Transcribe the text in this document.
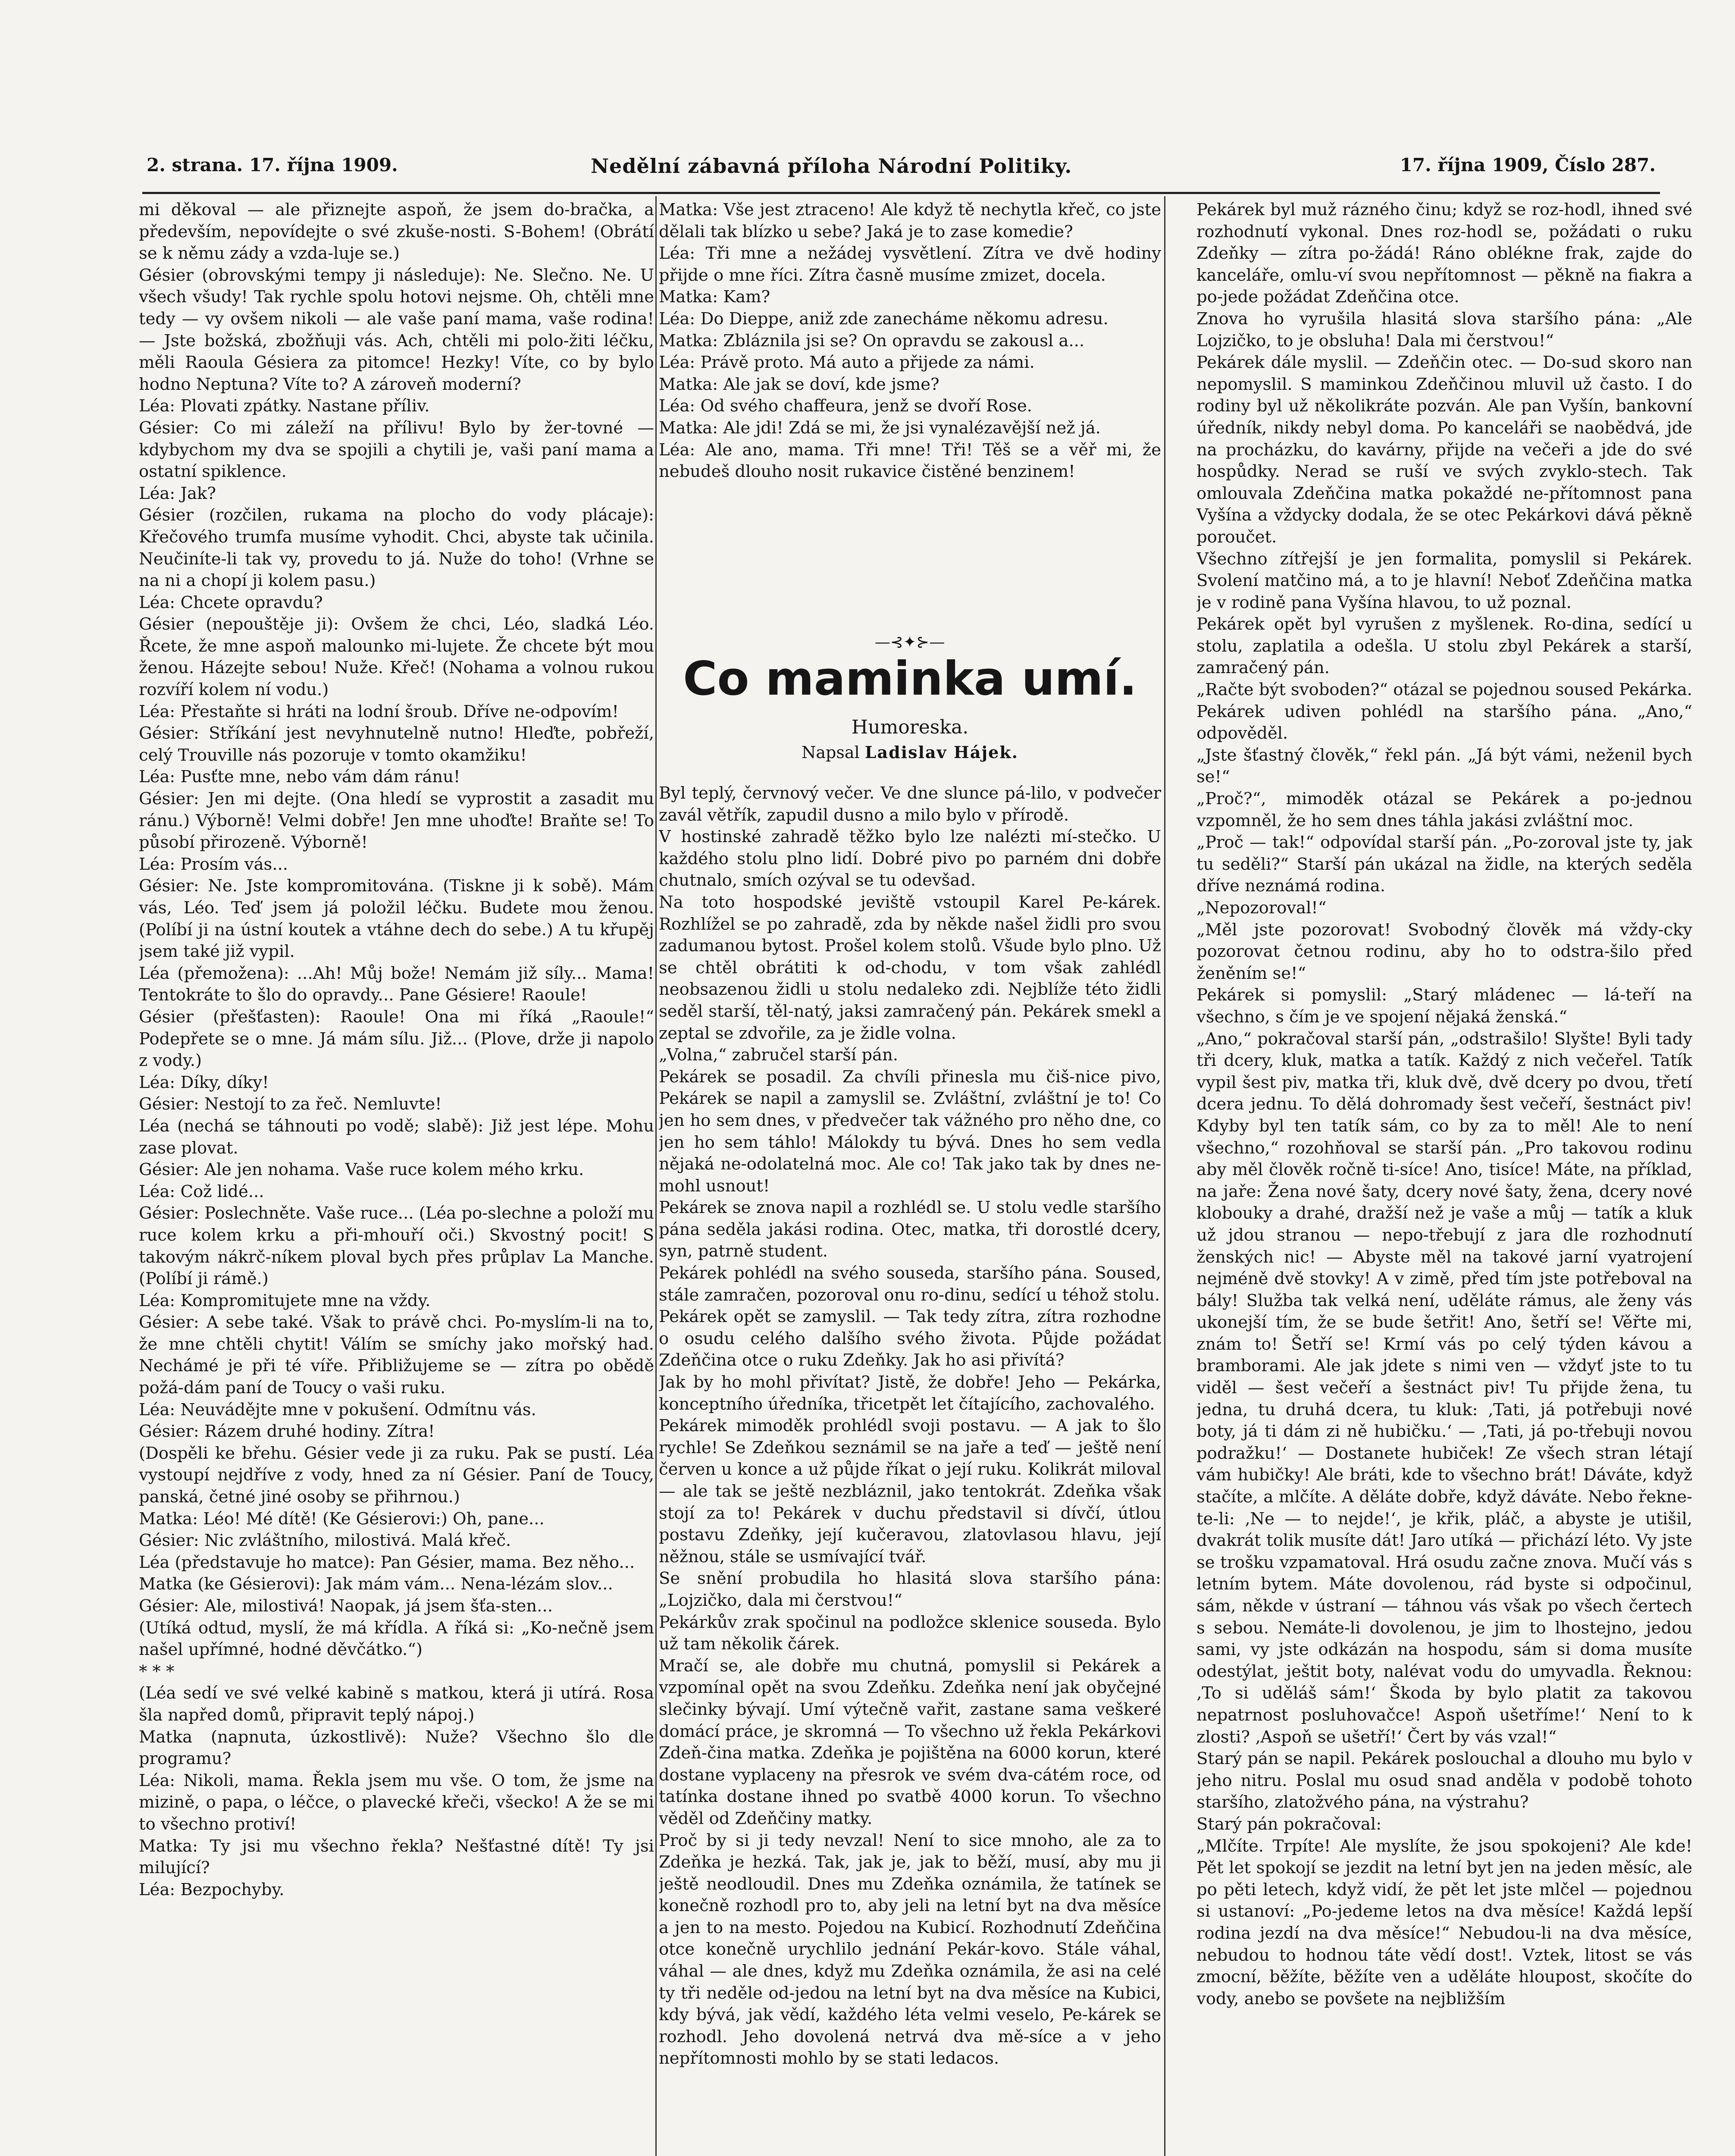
2. strana. 17. října 1909.	Nedělní zábavná příloha Národní Politiky.	17. října 1909, Číslo 287.

mi děkoval — ale přiznejte aspoň, že jsem do-bračka, a především, nepovídejte o své zkuše-nosti. S-Bohem! (Obrátí se k němu zády a vzda-luje se.)
Gésier (obrovskými tempy ji následuje): Ne. Slečno. Ne. U všech všudy! Tak rychle spolu hotovi nejsme. Oh, chtěli mne tedy — vy ovšem nikoli — ale vaše paní mama, vaše rodina! — Jste božská, zbožňuji vás. Ach, chtěli mi polo-žiti léčku, měli Raoula Gésiera za pitomce! Hezky! Víte, co by bylo hodno Neptuna? Víte to? A zároveň moderní?
Léa: Plovati zpátky. Nastane příliv.
Gésier: Co mi záleží na přílivu! Bylo by žer-tovné — kdybychom my dva se spojili a chytili je, vaši paní mama a ostatní spiklence.
Léa: Jak?
Gésier (rozčilen, rukama na plocho do vody plácaje): Křečového trumfa musíme vyhodit. Chci, abyste tak učinila. Neučiníte-li tak vy, provedu to já. Nuže do toho! (Vrhne se na ni a chopí ji kolem pasu.)
Léa: Chcete opravdu?
Gésier (nepouštěje ji): Ovšem že chci, Léo, sladká Léo. Řcete, že mne aspoň malounko mi-lujete. Že chcete být mou ženou. Házejte sebou! Nuže. Křeč! (Nohama a volnou rukou rozvíří kolem ní vodu.)
Léa: Přestaňte si hráti na lodní šroub. Dříve ne-odpovím!
Gésier: Stříkání jest nevyhnutelně nutno! Hleďte, pobřeží, celý Trouville nás pozoruje v tomto okamžiku!
Léa: Pusťte mne, nebo vám dám ránu!
Gésier: Jen mi dejte. (Ona hledí se vyprostit a zasadit mu ránu.) Výborně! Velmi dobře! Jen mne uhoďte! Braňte se! To působí přirozeně. Výborně!
Léa: Prosím vás...
Gésier: Ne. Jste kompromitována. (Tiskne ji k sobě). Mám vás, Léo. Teď jsem já položil léčku. Budete mou ženou. (Políbí ji na ústní koutek a vtáhne dech do sebe.) A tu křupěj jsem také již vypil.
Léa (přemožena): ...Ah! Můj bože! Nemám již síly... Mama! Tentokráte to šlo do opravdy... Pane Gésiere! Raoule!
Gésier (přešťasten): Raoule! Ona mi říká „Raoule!“ Podepřete se o mne. Já mám sílu. Již... (Plove, drže ji napolo z vody.)
Léa: Díky, díky!
Gésier: Nestojí to za řeč. Nemluvte!
Léa (nechá se táhnouti po vodě; slabě): Již jest lépe. Mohu zase plovat.
Gésier: Ale jen nohama. Vaše ruce kolem mého krku.
Léa: Což lidé...
Gésier: Poslechněte. Vaše ruce... (Léa po-slechne a položí mu ruce kolem krku a při-mhouří oči.) Skvostný pocit! S takovým nákrč-níkem ploval bych přes průplav La Manche. (Políbí ji rámě.)
Léa: Kompromitujete mne na vždy.
Gésier: A sebe také. Však to právě chci. Po-myslím-li na to, že mne chtěli chytit! Válím se smíchy jako mořský had. Nechámé je při té víře. Přibližujeme se — zítra po obědě požá-dám paní de Toucy o vaši ruku.
Léa: Neuvádějte mne v pokušení. Odmítnu vás.
Gésier: Rázem druhé hodiny. Zítra!
(Dospěli ke břehu. Gésier vede ji za ruku. Pak se pustí. Léa vystoupí nejdříve z vody, hned za ní Gésier. Paní de Toucy, panská, četné jiné osoby se přihrnou.)
Matka: Léo! Mé dítě! (Ke Gésierovi:) Oh, pane...
Gésier: Nic zvláštního, milostivá. Malá křeč.
Léa (představuje ho matce): Pan Gésier, mama. Bez něho...
Matka (ke Gésierovi): Jak mám vám... Nena-lézám slov...
Gésier: Ale, milostivá! Naopak, já jsem šťa-sten...
(Utíká odtud, myslí, že má křídla. A říká si: „Ko-nečně jsem našel upřímné, hodné děvčátko.“)
* * *
(Léa sedí ve své velké kabině s matkou, která ji utírá. Rosa šla napřed domů, připravit teplý nápoj.)
Matka (napnuta, úzkostlivě): Nuže? Všechno šlo dle programu?
Léa: Nikoli, mama. Řekla jsem mu vše. O tom, že jsme na mizině, o papa, o léčce, o plavecké křeči, všecko! A že se mi to všechno protiví!
Matka: Ty jsi mu všechno řekla? Nešťastné dítě! Ty jsi milující?
Léa: Bezpochyby.

Matka: Vše jest ztraceno! Ale když tě nechytla křeč, co jste dělali tak blízko u sebe? Jaká je to zase komedie?
Léa: Tři mne a nežádej vysvětlení. Zítra ve dvě hodiny přijde o mne říci. Zítra časně musíme zmizet, docela.
Matka: Kam?
Léa: Do Dieppe, aniž zde zanecháme někomu adresu.
Matka: Zbláznila jsi se? On opravdu se zakousl a...
Léa: Právě proto. Má auto a přijede za námi.
Matka: Ale jak se doví, kde jsme?
Léa: Od svého chaffeura, jenž se dvoří Rose.
Matka: Ale jdi! Zdá se mi, že jsi vynalézavější než já.
Léa: Ale ano, mama. Tři mne! Tři! Těš se a věř mi, že nebudeš dlouho nosit rukavice čistěné benzinem!

—⊰✦⊱—
Co maminka umí.
Humoreska.
Napsal Ladislav Hájek.

Byl teplý, červnový večer. Ve dne slunce pá-lilo, v podvečer zavál větřík, zapudil dusno a milo bylo v přírodě.
V hostinské zahradě těžko bylo lze nalézti mí-stečko. U každého stolu plno lidí. Dobré pivo po parném dni dobře chutnalo, smích ozýval se tu odevšad.
Na toto hospodské jeviště vstoupil Karel Pe-kárek. Rozhlížel se po zahradě, zda by někde našel židli pro svou zadumanou bytost. Prošel kolem stolů. Všude bylo plno. Už se chtěl obrátiti k od-chodu, v tom však zahlédl neobsazenou židli u stolu nedaleko zdi. Nejblíže této židli seděl starší, těl-natý, jaksi zamračený pán. Pekárek smekl a zeptal se zdvořile, za je židle volna.
„Volna,“ zabručel starší pán.
Pekárek se posadil. Za chvíli přinesla mu čiš-nice pivo, Pekárek se napil a zamyslil se. Zvláštní, zvláštní je to! Co jen ho sem dnes, v předvečer tak vážného pro něho dne, co jen ho sem táhlo! Málokdy tu bývá. Dnes ho sem vedla nějaká ne-odolatelná moc. Ale co! Tak jako tak by dnes ne-mohl usnout!
Pekárek se znova napil a rozhlédl se. U stolu vedle staršího pána seděla jakási rodina. Otec, matka, tři dorostlé dcery, syn, patrně student.
Pekárek pohlédl na svého souseda, staršího pána. Soused, stále zamračen, pozoroval onu ro-dinu, sedící u téhož stolu.
Pekárek opět se zamyslil. — Tak tedy zítra, zítra rozhodne o osudu celého dalšího svého života. Půjde požádat Zdeňčina otce o ruku Zdeňky. Jak ho asi přivítá?
Jak by ho mohl přivítat? Jistě, že dobře! Jeho — Pekárka, konceptního úředníka, třicetpět let čítajícího, zachovalého.
Pekárek mimoděk prohlédl svoji postavu. — A jak to šlo rychle! Se Zdeňkou seznámil se na jaře a teď — ještě není červen u konce a už půjde říkat o její ruku. Kolikrát miloval — ale tak se ještě nezbláznil, jako tentokrát. Zdeňka však stojí za to! Pekárek v duchu představil si dívčí, útlou postavu Zdeňky, její kučeravou, zlatovlasou hlavu, její něžnou, stále se usmívající tvář.
Se snění probudila ho hlasitá slova staršího pána: „Lojzičko, dala mi čerstvou!“
Pekárkův zrak spočinul na podložce sklenice souseda. Bylo už tam několik čárek.
Mračí se, ale dobře mu chutná, pomyslil si Pekárek a vzpomínal opět na svou Zdeňku. Zdeňka není jak obyčejné slečinky bývají. Umí výtečně vařit, zastane sama veškeré domácí práce, je skromná — To všechno už řekla Pekárkovi Zdeň-čina matka. Zdeňka je pojištěna na 6000 korun, které dostane vyplaceny na přesrok ve svém dva-cátém roce, od tatínka dostane ihned po svatbě 4000 korun. To všechno věděl od Zdeňčiny matky.
Proč by si ji tedy nevzal! Není to sice mnoho, ale za to Zdeňka je hezká. Tak, jak je, jak to běží, musí, aby mu ji ještě neodloudil. Dnes mu Zdeňka oznámila, že tatínek se konečně rozhodl pro to, aby jeli na letní byt na dva měsíce a jen to na mesto. Pojedou na Kubicí. Rozhodnutí Zdeňčina otce konečně urychlilo jednání Pekár-kovo. Stále váhal, váhal — ale dnes, když mu Zdeňka oznámila, že asi na celé ty tři neděle od-jedou na letní byt na dva měsíce na Kubici, kdy bývá, jak vědí, každého léta velmi veselo, Pe-kárek se rozhodl. Jeho dovolená netrvá dva mě-síce a v jeho nepřítomnosti mohlo by se stati ledacos.

Pekárek byl muž rázného činu; když se roz-hodl, ihned své rozhodnutí vykonal. Dnes roz-hodl se, požádati o ruku Zdeňky — zítra po-žádá! Ráno oblékne frak, zajde do kanceláře, omlu-ví svou nepřítomnost — pěkně na fiakra a po-jede požádat Zdeňčina otce.
Znova ho vyrušila hlasitá slova staršího pána: „Ale Lojzičko, to je obsluha! Dala mi čerstvou!“
Pekárek dále myslil. — Zdeňčin otec. — Do-sud skoro nan nepomyslil. S maminkou Zdeňčinou mluvil už často. I do rodiny byl už několikráte pozván. Ale pan Vyšín, bankovní úředník, nikdy nebyl doma. Po kanceláři se naobědvá, jde na procházku, do kavárny, přijde na večeři a jde do své hospůdky. Nerad se ruší ve svých zvyklo-stech. Tak omlouvala Zdeňčina matka pokaždé ne-přítomnost pana Vyšína a vždycky dodala, že se otec Pekárkovi dává pěkně poroučet.
Všechno zítřejší je jen formalita, pomyslil si Pekárek. Svolení matčino má, a to je hlavní! Neboť Zdeňčina matka je v rodině pana Vyšína hlavou, to už poznal.
Pekárek opět byl vyrušen z myšlenek. Ro-dina, sedící u stolu, zaplatila a odešla. U stolu zbyl Pekárek a starší, zamračený pán.
„Račte být svoboden?“ otázal se pojednou soused Pekárka.
Pekárek udiven pohlédl na staršího pána. „Ano,“ odpověděl.
„Jste šťastný člověk,“ řekl pán. „Já být vámi, neženil bych se!“
„Proč?“, mimoděk otázal se Pekárek a po-jednou vzpomněl, že ho sem dnes táhla jakási zvláštní moc.
„Proč — tak!“ odpovídal starší pán. „Po-zoroval jste ty, jak tu seděli?“ Starší pán ukázal na židle, na kterých seděla dříve neznámá rodina.
„Nepozoroval!“
„Měl jste pozorovat! Svobodný člověk má vždy-cky pozorovat četnou rodinu, aby ho to odstra-šilo před ženěním se!“
Pekárek si pomyslil: „Starý mládenec — lá-teří na všechno, s čím je ve spojení nějaká ženská.“
„Ano,“ pokračoval starší pán, „odstrašilo! Slyšte! Byli tady tři dcery, kluk, matka a tatík. Každý z nich večeřel. Tatík vypil šest piv, matka tři, kluk dvě, dvě dcery po dvou, třetí dcera jednu. To dělá dohromady šest večeří, šestnáct piv! Kdyby byl ten tatík sám, co by za to měl! Ale to není všechno,“ rozohňoval se starší pán. „Pro takovou rodinu aby měl člověk ročně ti-síce! Ano, tisíce! Máte, na příklad, na jaře: Žena nové šaty, dcery nové šaty, žena, dcery nové klobouky a drahé, dražší než je vaše a můj — tatík a kluk už jdou stranou — nepo-třebují z jara dle rozhodnutí ženských nic! — Abyste měl na takové jarní vyatrojení nejméně dvě stovky! A v zimě, před tím jste potřeboval na bály! Služba tak velká není, uděláte rámus, ale ženy vás ukonejší tím, že se bude šetřit! Ano, šetří se! Věřte mi, znám to! Šetří se! Krmí vás po celý týden kávou a bramborami. Ale jak jdete s nimi ven — vždyť jste to tu viděl — šest večeří a šestnáct piv! Tu přijde žena, tu jedna, tu druhá dcera, tu kluk: ‚Tati, já potřebuji nové boty, já ti dám zi ně hubičku.‘ — ‚Tati, já po-třebuji novou podražku!‘ — Dostanete hubiček! Ze všech stran létají vám hubičky! Ale bráti, kde to všechno brát! Dáváte, když stačíte, a mlčíte. A děláte dobře, když dáváte. Nebo řekne-te-li: ‚Ne — to nejde!‘, je křik, pláč, a abyste je utišil, dvakrát tolik musíte dát! Jaro utíká — přichází léto. Vy jste se trošku vzpamatoval. Hrá osudu začne znova. Mučí vás s letním bytem. Máte dovolenou, rád byste si odpočinul, sám, někde v ústraní — táhnou vás však po všech čertech s sebou. Nemáte-li dovolenou, je jim to lhostejno, jedou sami, vy jste odkázán na hospodu, sám si doma musíte odestýlat, ještit boty, nalévat vodu do umyvadla. Řeknou: ‚To si uděláš sám!‘ Škoda by bylo platit za takovou nepatrnost posluhovačce! Aspoň ušetříme!‘ Není to k zlosti? ‚Aspoň se ušetří!‘ Čert by vás vzal!“
Starý pán se napil. Pekárek poslouchal a dlouho mu bylo v jeho nitru. Poslal mu osud snad anděla v podobě tohoto staršího, zlatožvého pána, na výstrahu?
Starý pán pokračoval:
„Mlčíte. Trpíte! Ale myslíte, že jsou spokojeni? Ale kde! Pět let spokojí se jezdit na letní byt jen na jeden měsíc, ale po pěti letech, když vidí, že pět let jste mlčel — pojednou si ustanoví: „Po-jedeme letos na dva měsíce! Každá lepší rodina jezdí na dva měsíce!“ Nebudou-li na dva měsíce, nebudou to hodnou táte vědí dost!. Vztek, litost se vás zmocní, běžíte, běžíte ven a uděláte hloupost, skočíte do vody, anebo se povšete na nejbližším
